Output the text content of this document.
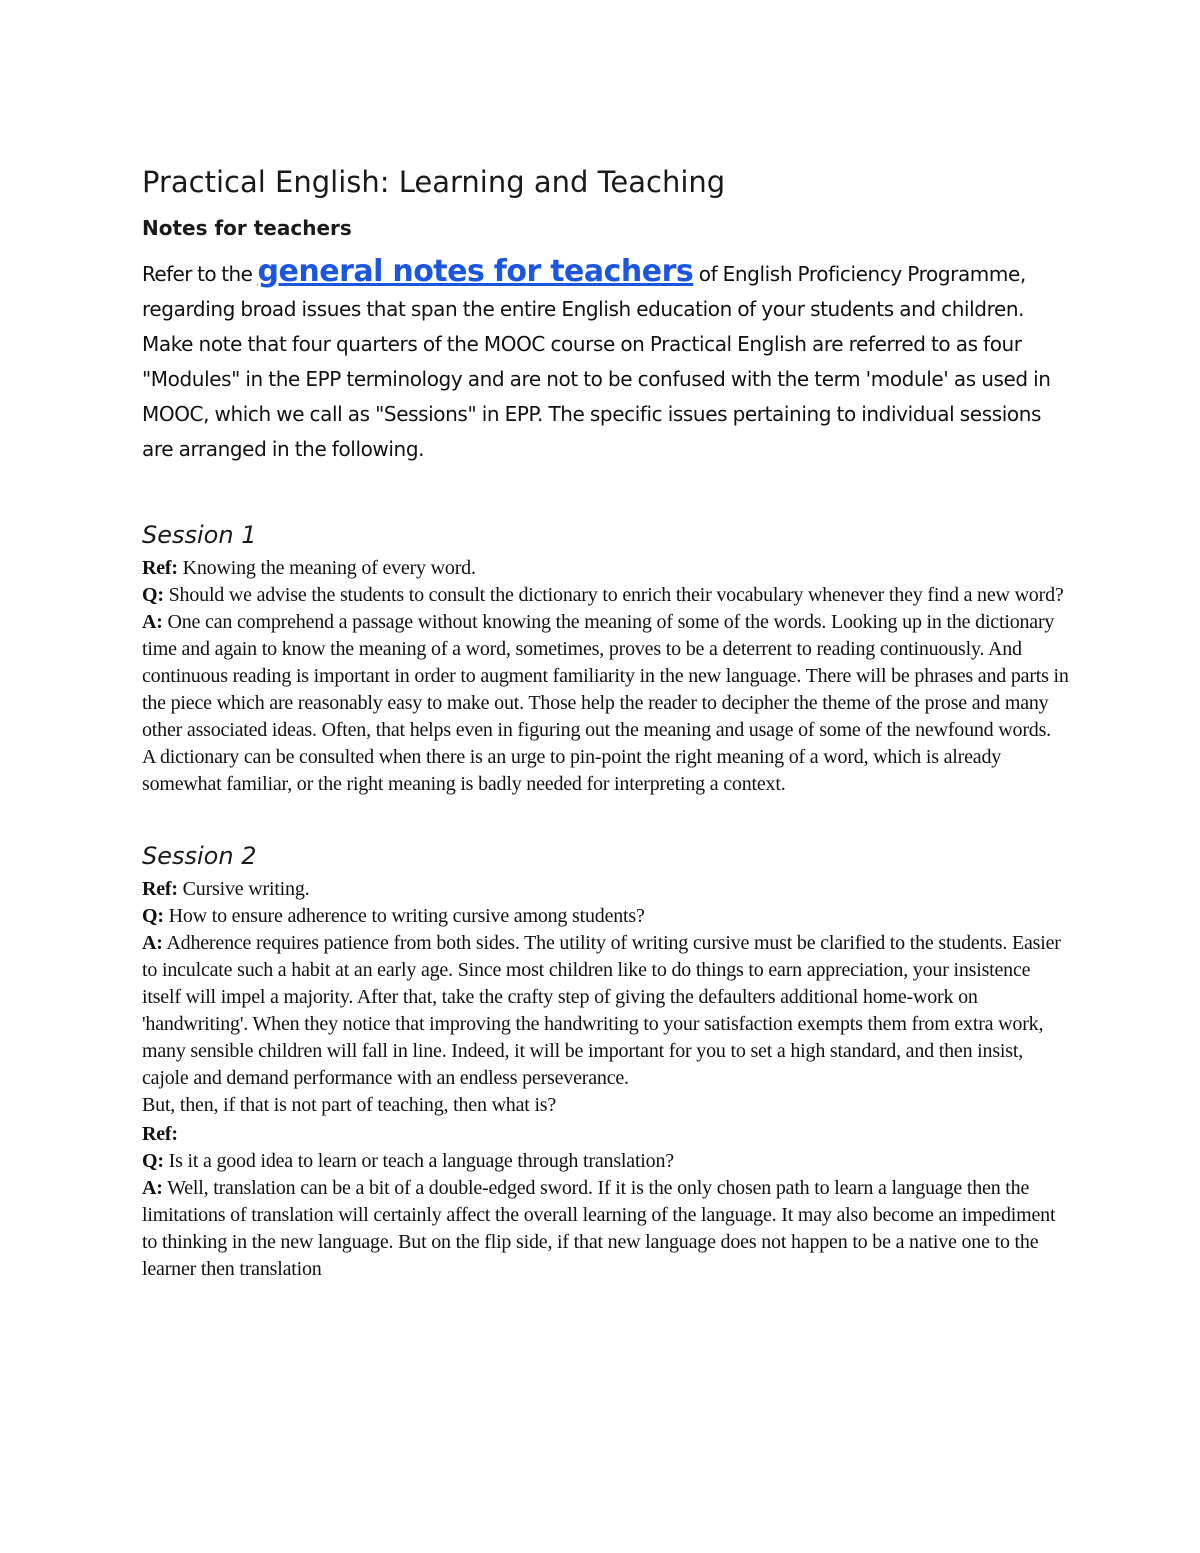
Practical English: Learning and Teaching
Notes for teachers

Refer to the general notes for teachers of English Proficiency Programme, regarding broad issues that span the entire English education of your students and children. Make note that four quarters of the MOOC course on Practical English are referred to as four "Modules" in the EPP terminology and are not to be confused with the term 'module' as used in MOOC, which we call as "Sessions" in EPP. The specific issues pertaining to individual sessions are arranged in the following.

Session 1

Ref: Knowing the meaning of every word.

Q: Should we advise the students to consult the dictionary to enrich their vocabulary whenever they find a new word?

A: One can comprehend a passage without knowing the meaning of some of the words. Looking up in the dictionary time and again to know the meaning of a word, sometimes, proves to be a deterrent to reading continuously. And continuous reading is important in order to augment familiarity in the new language. There will be phrases and parts in the piece which are reasonably easy to make out. Those help the reader to decipher the theme of the prose and many other associated ideas. Often, that helps even in figuring out the meaning and usage of some of the newfound words.

A dictionary can be consulted when there is an urge to pin-point the right meaning of a word, which is already somewhat familiar, or the right meaning is badly needed for interpreting a context.

Session 2

Ref: Cursive writing.

Q: How to ensure adherence to writing cursive among students?

A: Adherence requires patience from both sides. The utility of writing cursive must be clarified to the students. Easier to inculcate such a habit at an early age. Since most children like to do things to earn appreciation, your insistence itself will impel a majority. After that, take the crafty step of giving the defaulters additional home-work on 'handwriting'. When they notice that improving the handwriting to your satisfaction exempts them from extra work, many sensible children will fall in line. Indeed, it will be important for you to set a high standard, and then insist, cajole and demand performance with an endless perseverance.

But, then, if that is not part of teaching, then what is?

Ref:

Q: Is it a good idea to learn or teach a language through translation?

A: Well, translation can be a bit of a double-edged sword. If it is the only chosen path to learn a language then the limitations of translation will certainly affect the overall learning of the language. It may also become an impediment to thinking in the new language. But on the flip side, if that new language does not happen to be a native one to the learner then translation
